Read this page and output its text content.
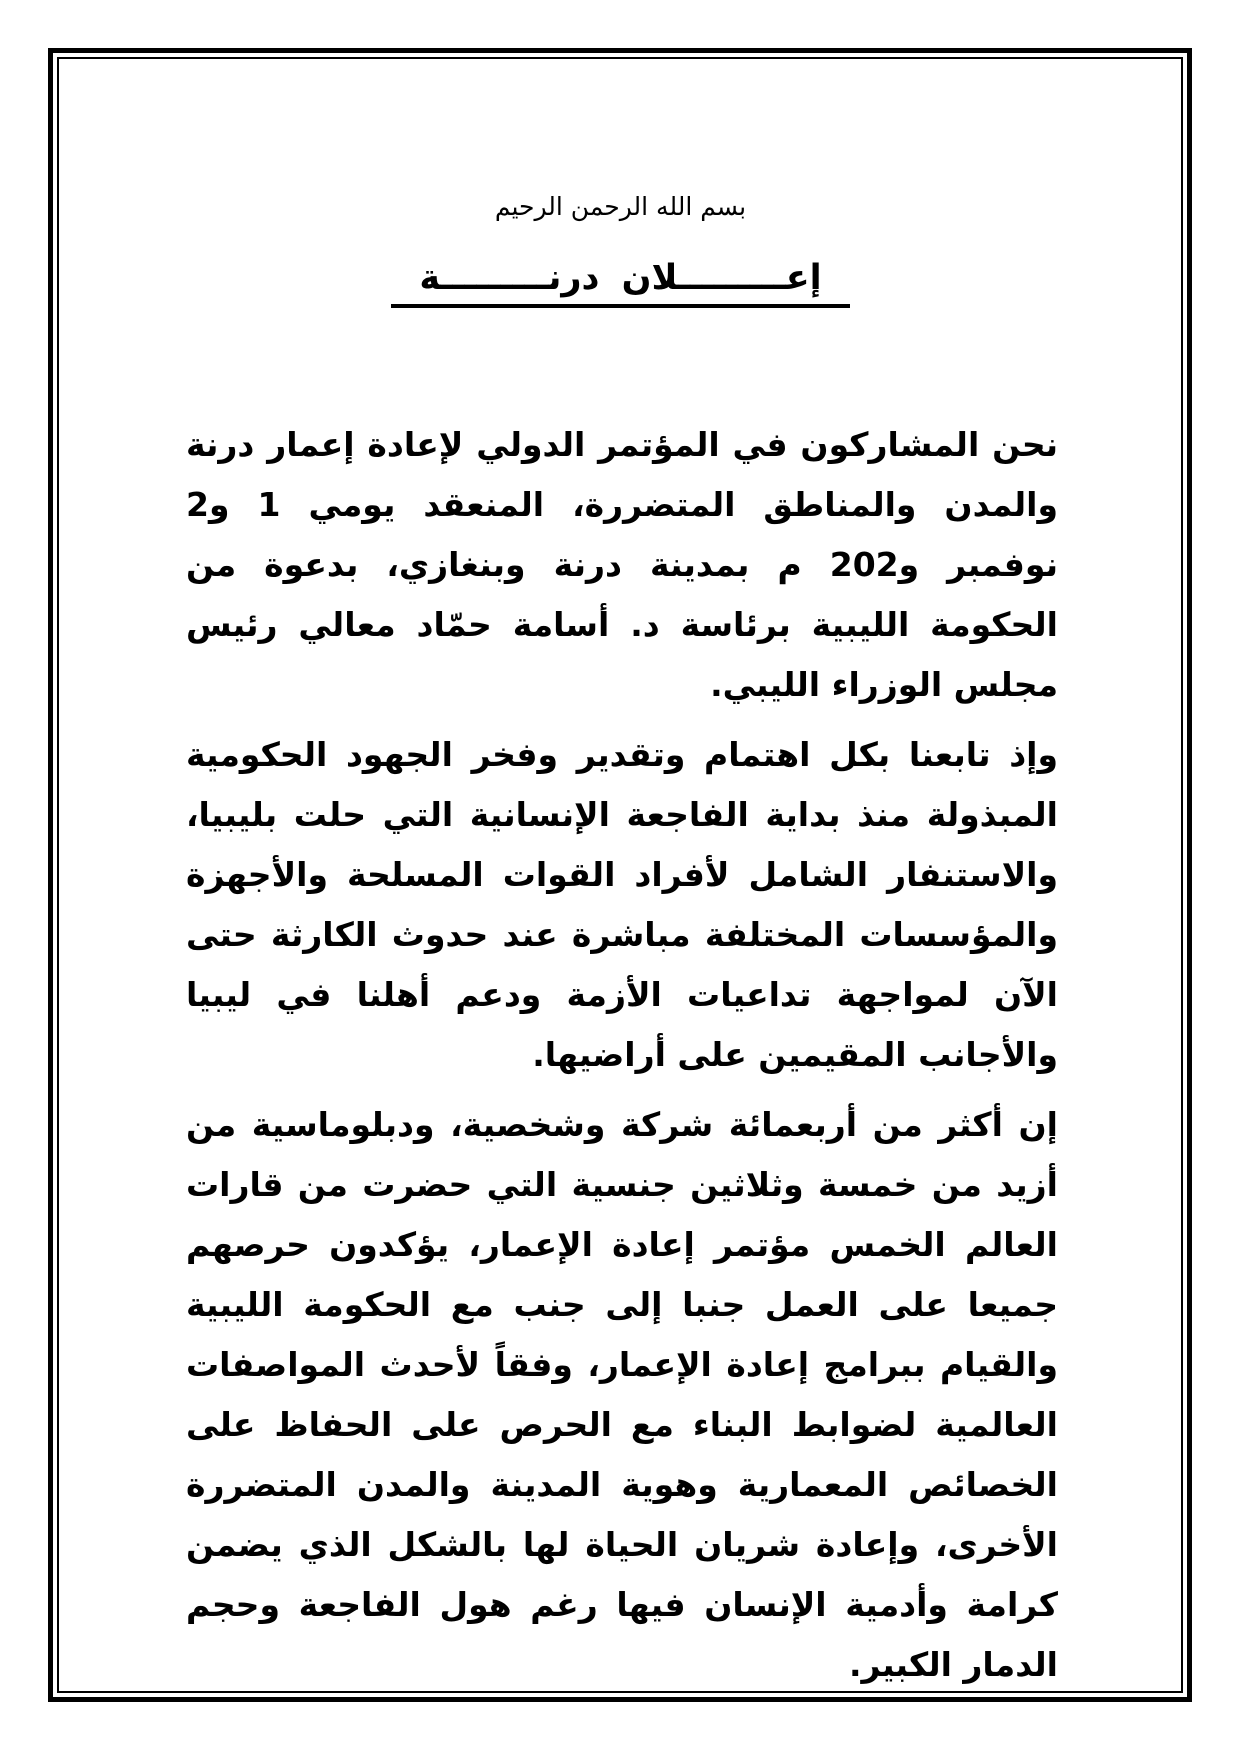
بسم الله الرحمن الرحيم
إعـــــــــلان درنـــــــــة

نحن المشاركون في المؤتمر الدولي لإعادة إعمار درنة والمدن والمناطق المتضررة، المنعقد يومي 1 و2 نوفمبر و202 م بمدينة درنة وبنغازي، بدعوة من الحكومة الليبية برئاسة د. أسامة حمّاد معالي رئيس مجلس الوزراء الليبي.

وإذ تابعنا بكل اهتمام وتقدير وفخر الجهود الحكومية المبذولة منذ بداية الفاجعة الإنسانية التي حلت بليبيا، والاستنفار الشامل لأفراد القوات المسلحة والأجهزة والمؤسسات المختلفة مباشرة عند حدوث الكارثة حتى الآن لمواجهة تداعيات الأزمة ودعم أهلنا في ليبيا والأجانب المقيمين على أراضيها.

إن أكثر من أربعمائة شركة وشخصية، ودبلوماسية من أزيد من خمسة وثلاثين جنسية التي حضرت من قارات العالم الخمس مؤتمر إعادة الإعمار، يؤكدون حرصهم جميعا على العمل جنبا إلى جنب مع الحكومة الليبية والقيام ببرامج إعادة الإعمار، وفقاً لأحدث المواصفات العالمية لضوابط البناء مع الحرص على الحفاظ على الخصائص المعمارية وهوية المدينة والمدن المتضررة الأخرى، وإعادة شريان الحياة لها بالشكل الذي يضمن كرامة وأدمية الإنسان فيها رغم هول الفاجعة وحجم الدمار الكبير.
